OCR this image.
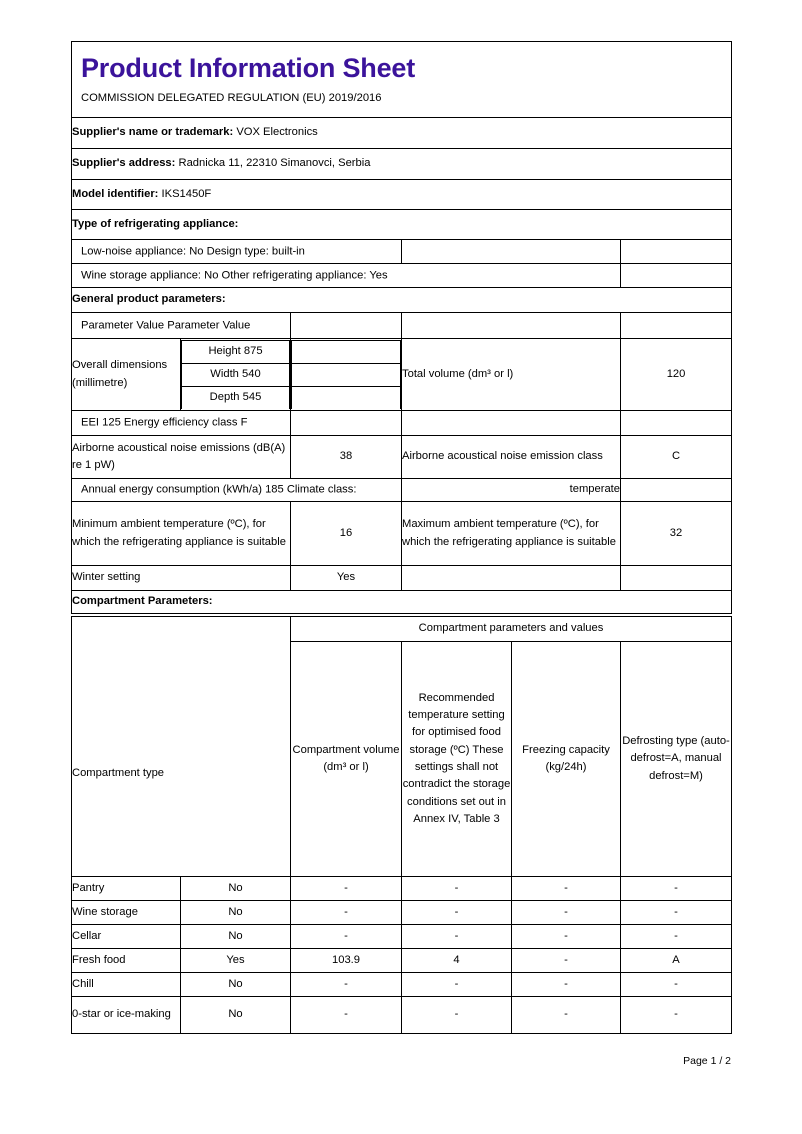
Product Information Sheet

COMMISSION DELEGATED REGULATION (EU) 2019/2016

Supplier's name or trademark: VOX Electronics
Supplier's address: Radnicka 11, 22310 Simanovci, Serbia
Model identifier: IKS1450F
Type of refrigerating appliance:

Low-noise appliance: No Design type: built-in

Wine storage appliance: No Other refrigerating appliance: Yes

General product parameters:

Parameter Value Parameter Value

Overall dimensions (millimetre)	
Height 875
Width 540
Depth 545

	Total volume (dm³ or l)	120

EEI 125 Energy efficiency class F

Airborne acoustical noise emissions (dB(A) re 1 pW)	38	Airborne acoustical noise emission class	C

Annual energy consumption (kWh/a) 185 Climate class:	temperate	
Minimum ambient temperature (ºC), for which the refrigerating appliance is suitable	16	Maximum ambient temperature (ºC), for which the refrigerating appliance is suitable	32
Winter setting	Yes		
Compartment Parameters:
		Compartment parameters and values			
Compartment type		Compartment volume (dm³ or l)	Recommended temperature setting for optimised food storage (ºC) These settings shall not contradict the storage conditions set out in Annex IV, Table 3	Freezing capacity (kg/24h)	Defrosting type (auto-defrost=A, manual defrost=M)
Pantry	No	-	-	-	-
Wine storage	No	-	-	-	-
Cellar	No	-	-	-	-
Fresh food	Yes	103.9	4	-	A
Chill	No	-	-	-	-
0-star or ice-making	No	-	-	-	-
Page 1 / 2
